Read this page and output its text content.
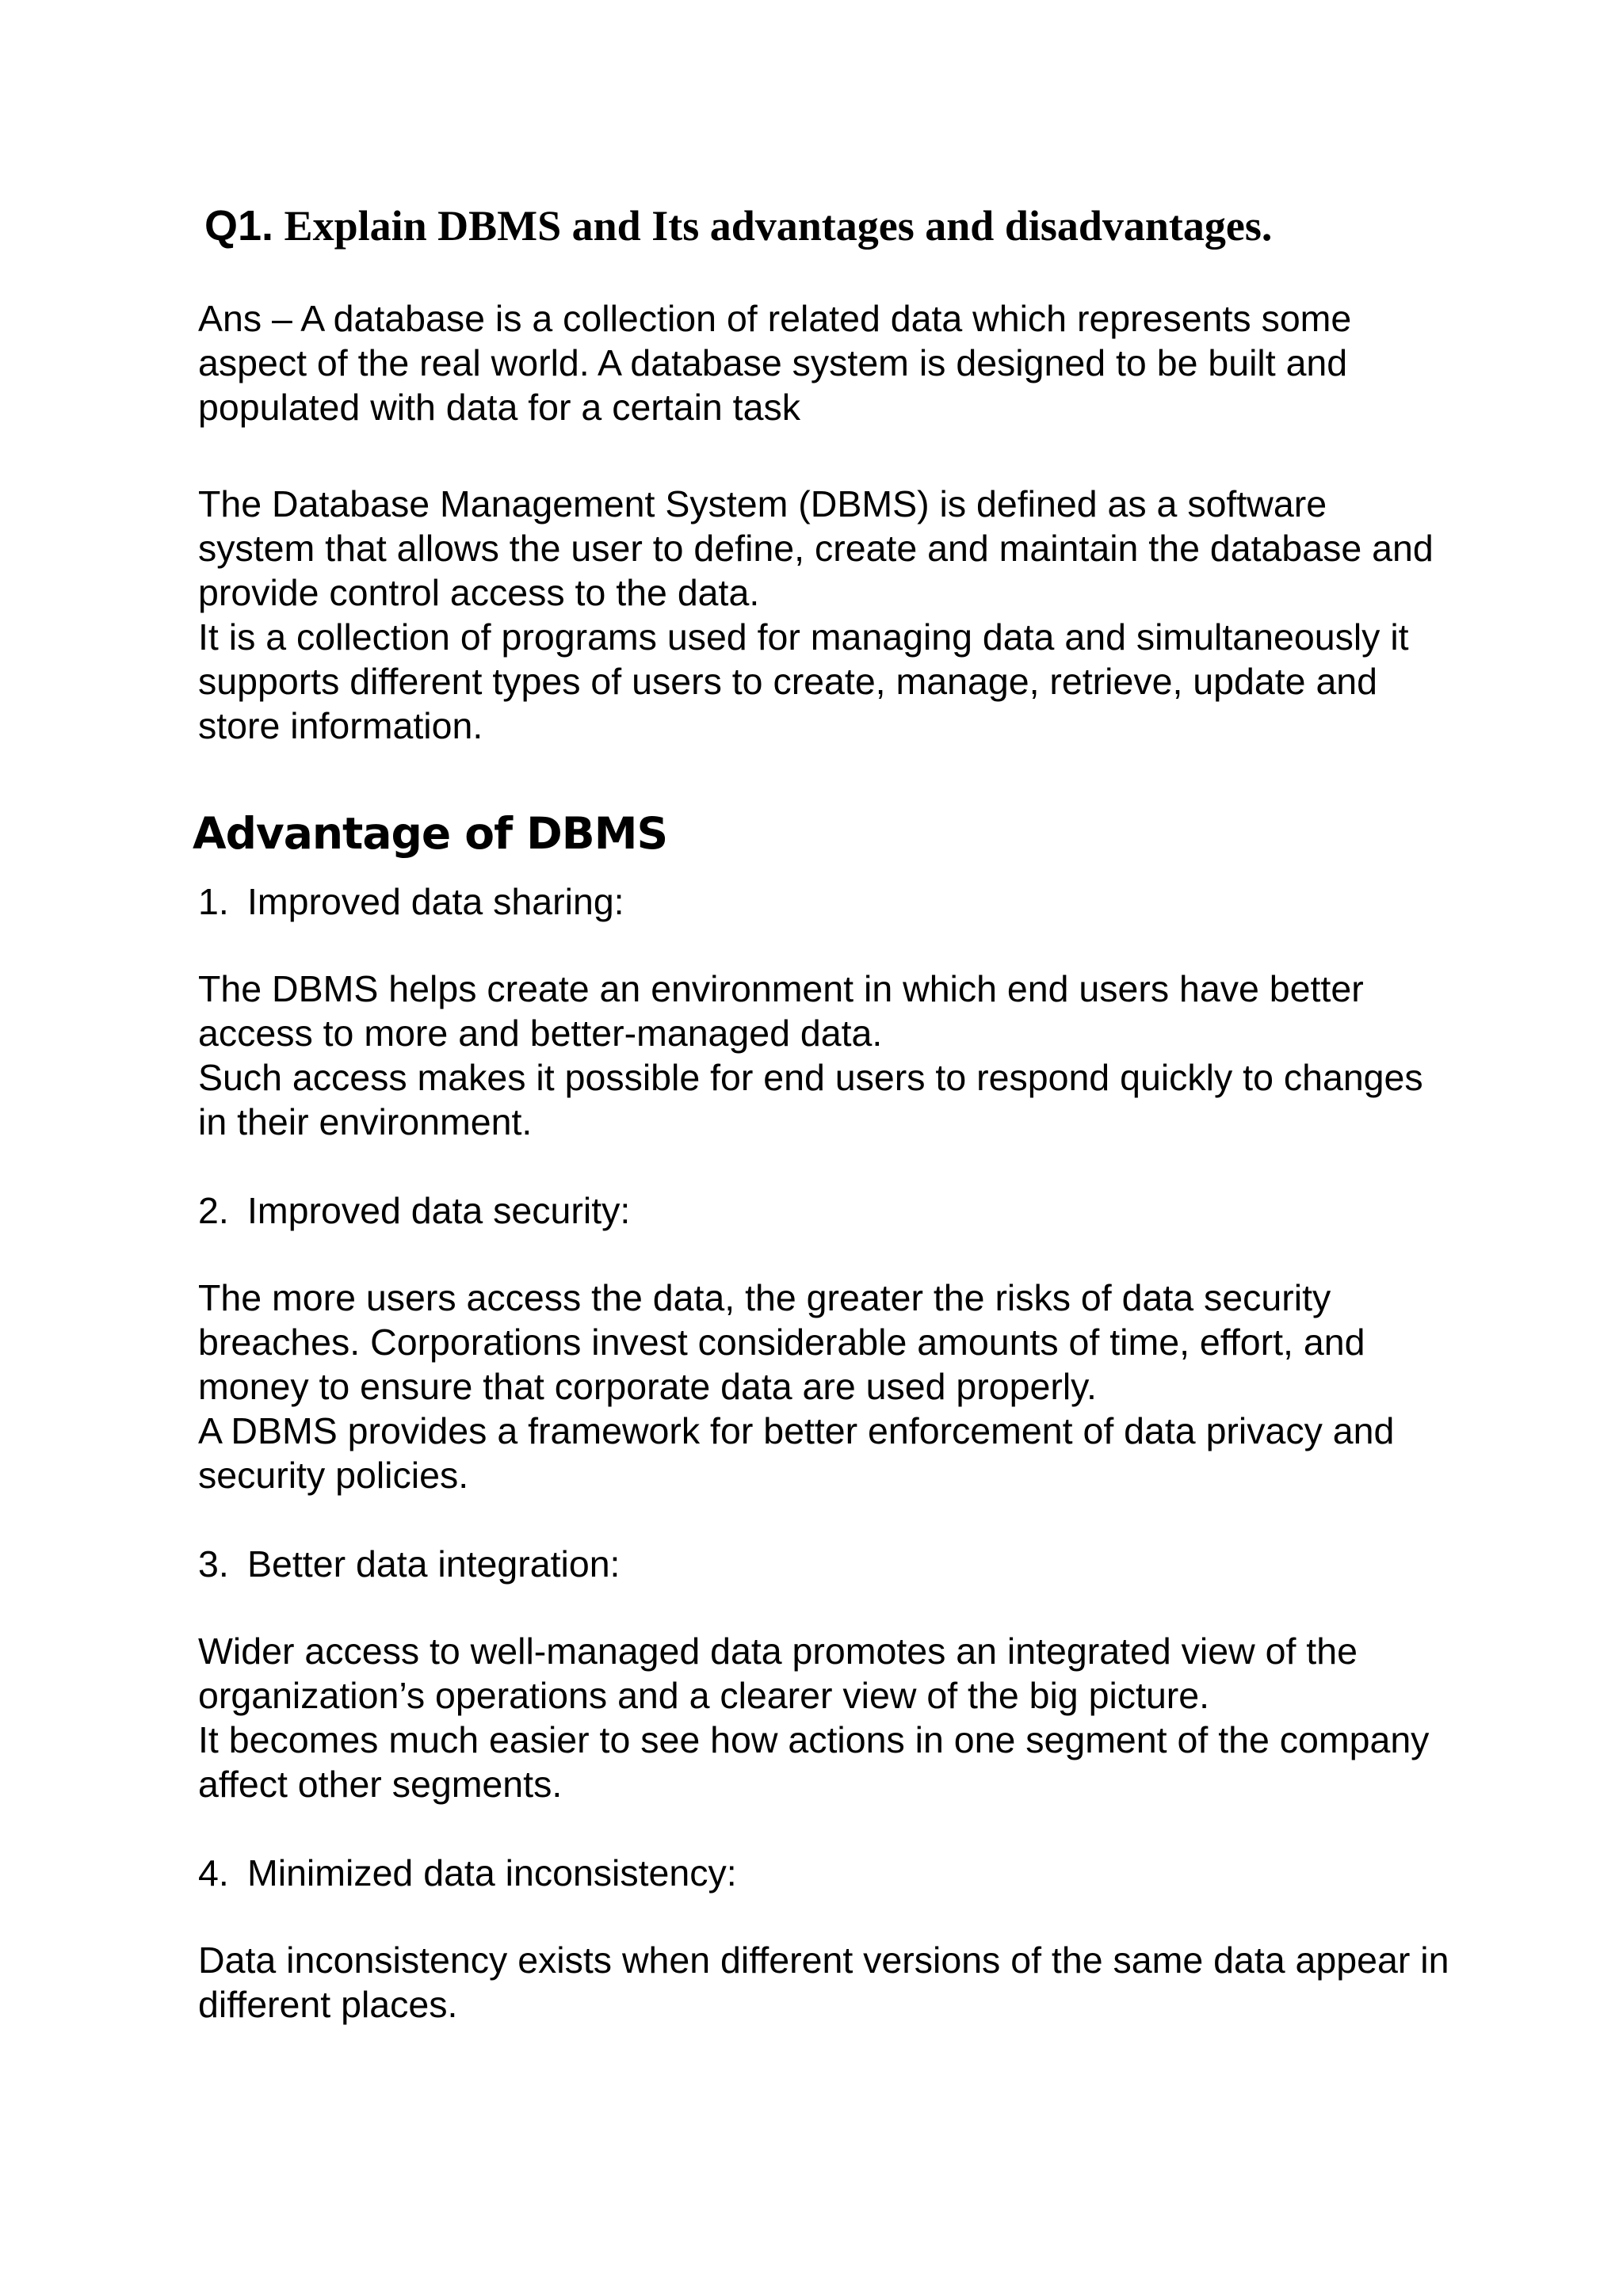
Q1. Explain DBMS and Its advantages and disadvantages.

Ans – A database is a collection of related data which represents some
aspect of the real world. A database system is designed to be built and
populated with data for a certain task

The Database Management System (DBMS) is defined as a software
system that allows the user to define, create and maintain the database and
provide control access to the data.
It is a collection of programs used for managing data and simultaneously it
supports different types of users to create, manage, retrieve, update and
store information.

Advantage of DBMS
1. Improved data sharing:

The DBMS helps create an environment in which end users have better
access to more and better-managed data.
Such access makes it possible for end users to respond quickly to changes
in their environment.

2. Improved data security:

The more users access the data, the greater the risks of data security
breaches. Corporations invest considerable amounts of time, effort, and
money to ensure that corporate data are used properly.
A DBMS provides a framework for better enforcement of data privacy and
security policies.

3. Better data integration:

Wider access to well-managed data promotes an integrated view of the
organization’s operations and a clearer view of the big picture.
It becomes much easier to see how actions in one segment of the company
affect other segments.

4. Minimized data inconsistency:

Data inconsistency exists when different versions of the same data appear in
different places.
